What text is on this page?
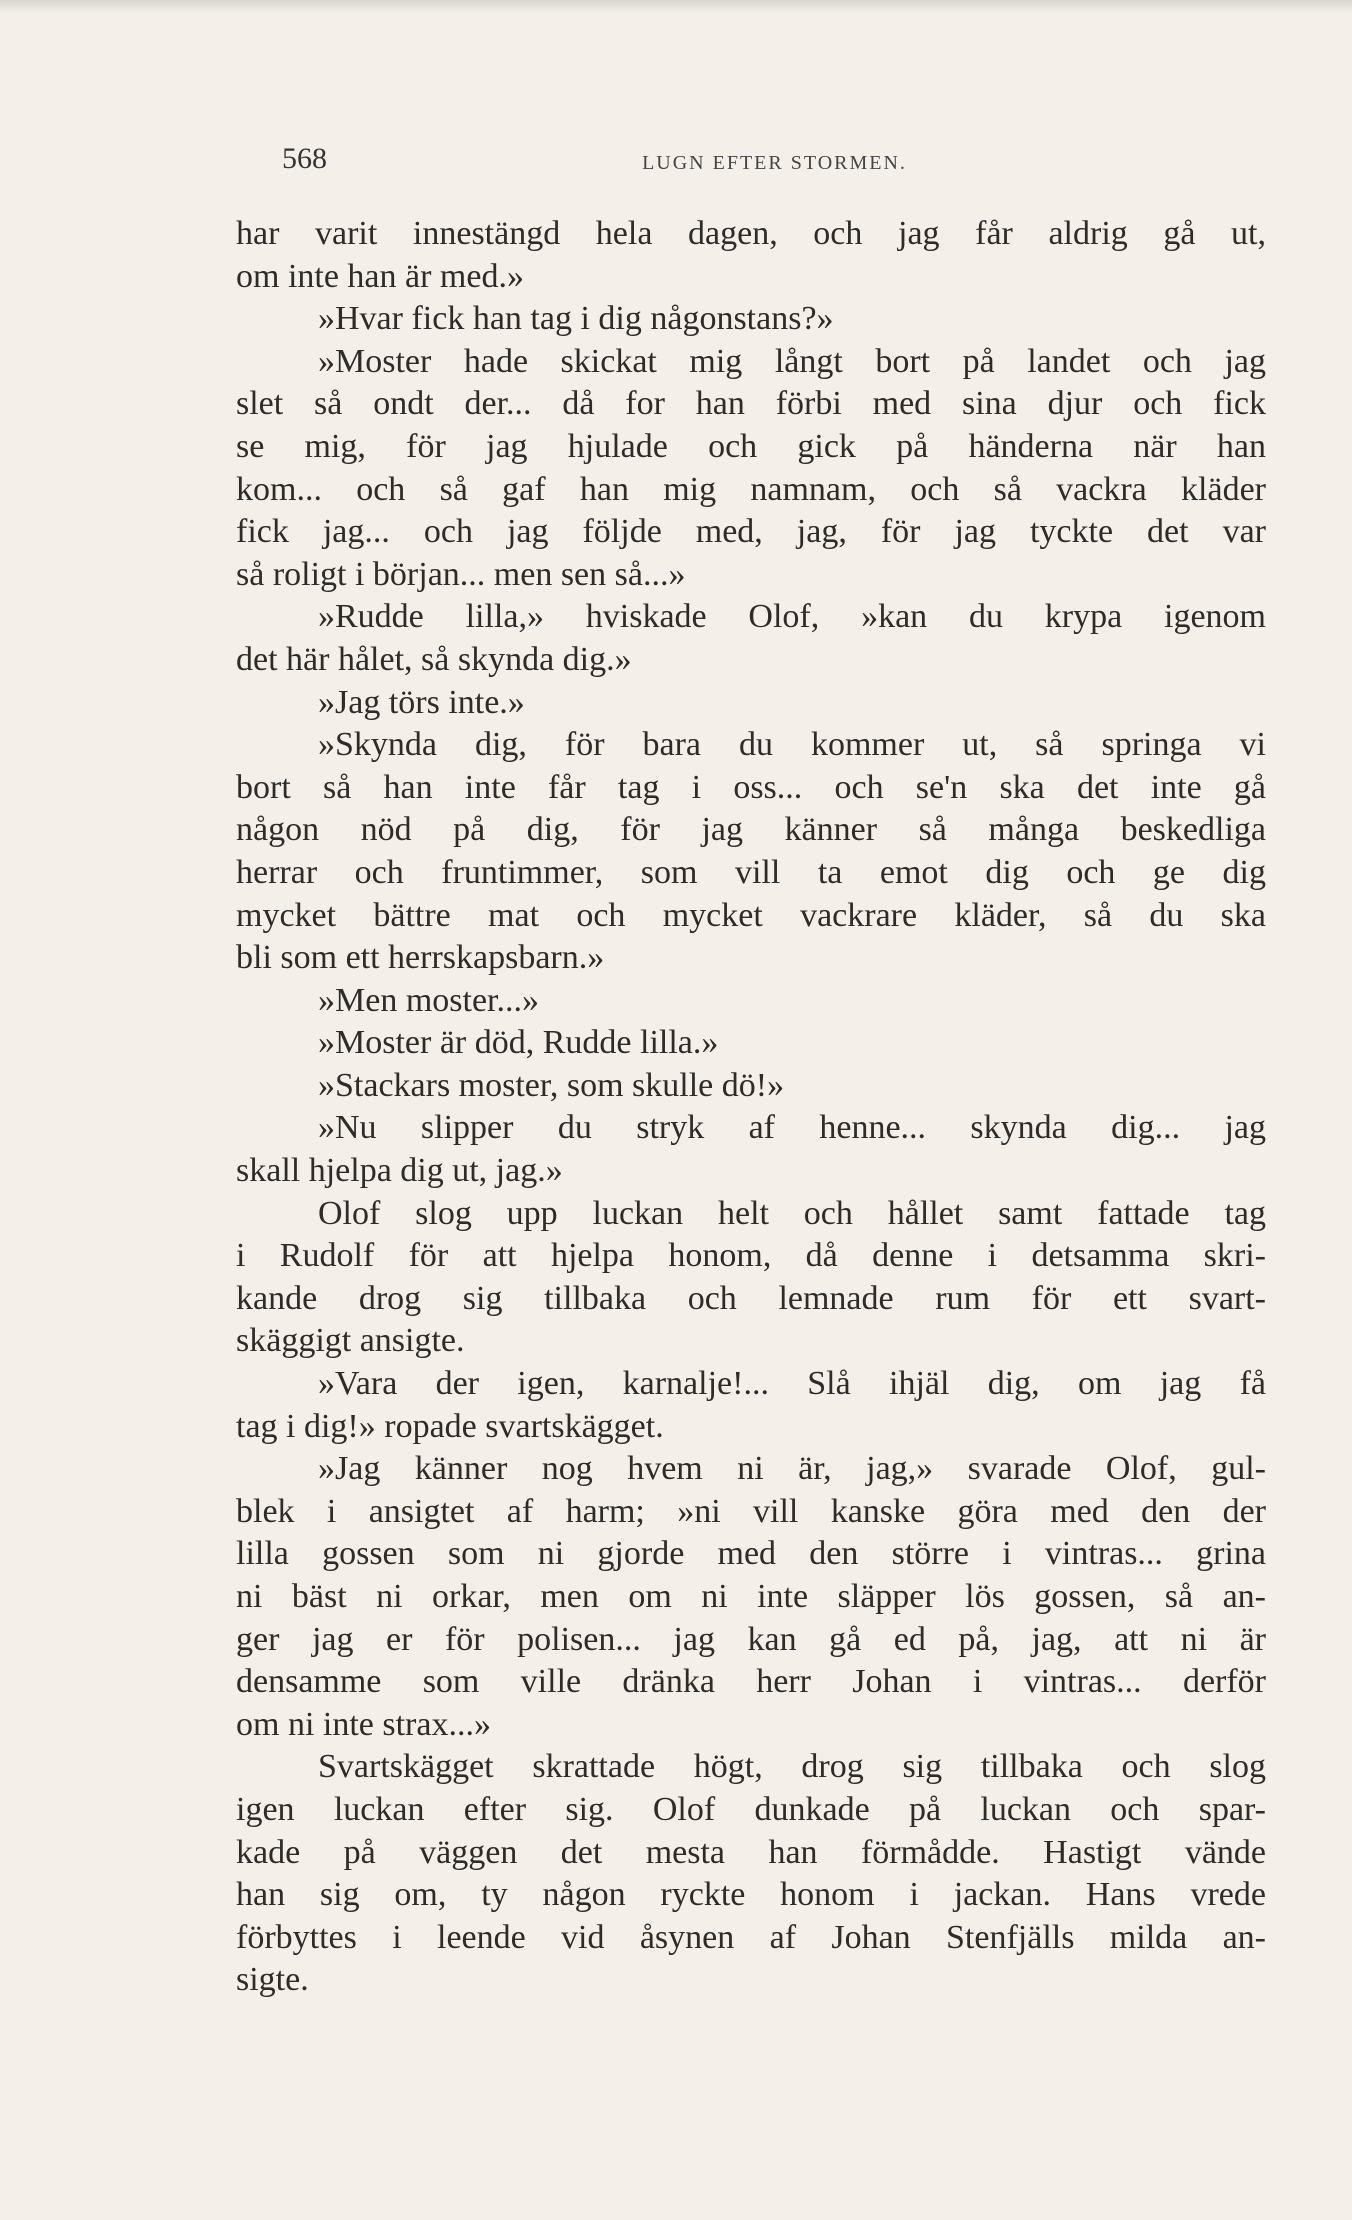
568	LUGN EFTER STORMEN.
har varit innestängd hela dagen, och jag får aldrig gå ut,
om inte han är med.»
»Hvar fick han tag i dig någonstans?»
»Moster hade skickat mig långt bort på landet och jag
slet så ondt der... då for han förbi med sina djur och fick
se mig, för jag hjulade och gick på händerna när han
kom... och så gaf han mig namnam, och så vackra kläder
fick jag... och jag följde med, jag, för jag tyckte det var
så roligt i början... men sen så...»
»Rudde lilla,» hviskade Olof, »kan du krypa igenom
det här hålet, så skynda dig.»
»Jag törs inte.»
»Skynda dig, för bara du kommer ut, så springa vi
bort så han inte får tag i oss... och se'n ska det inte gå
någon nöd på dig, för jag känner så många beskedliga
herrar och fruntimmer, som vill ta emot dig och ge dig
mycket bättre mat och mycket vackrare kläder, så du ska
bli som ett herrskapsbarn.»
»Men moster...»
»Moster är död, Rudde lilla.»
»Stackars moster, som skulle dö!»
»Nu slipper du stryk af henne... skynda dig... jag
skall hjelpa dig ut, jag.»
Olof slog upp luckan helt och hållet samt fattade tag
i Rudolf för att hjelpa honom, då denne i detsamma skri-
kande drog sig tillbaka och lemnade rum för ett svart-
skäggigt ansigte.
»Vara der igen, karnalje!... Slå ihjäl dig, om jag få
tag i dig!» ropade svartskägget.
»Jag känner nog hvem ni är, jag,» svarade Olof, gul-
blek i ansigtet af harm; »ni vill kanske göra med den der
lilla gossen som ni gjorde med den större i vintras... grina
ni bäst ni orkar, men om ni inte släpper lös gossen, så an-
ger jag er för polisen... jag kan gå ed på, jag, att ni är
densamme som ville dränka herr Johan i vintras... derför
om ni inte strax...»
Svartskägget skrattade högt, drog sig tillbaka och slog
igen luckan efter sig. Olof dunkade på luckan och spar-
kade på väggen det mesta han förmådde. Hastigt vände
han sig om, ty någon ryckte honom i jackan. Hans vrede
förbyttes i leende vid åsynen af Johan Stenfjälls milda an-
sigte.
